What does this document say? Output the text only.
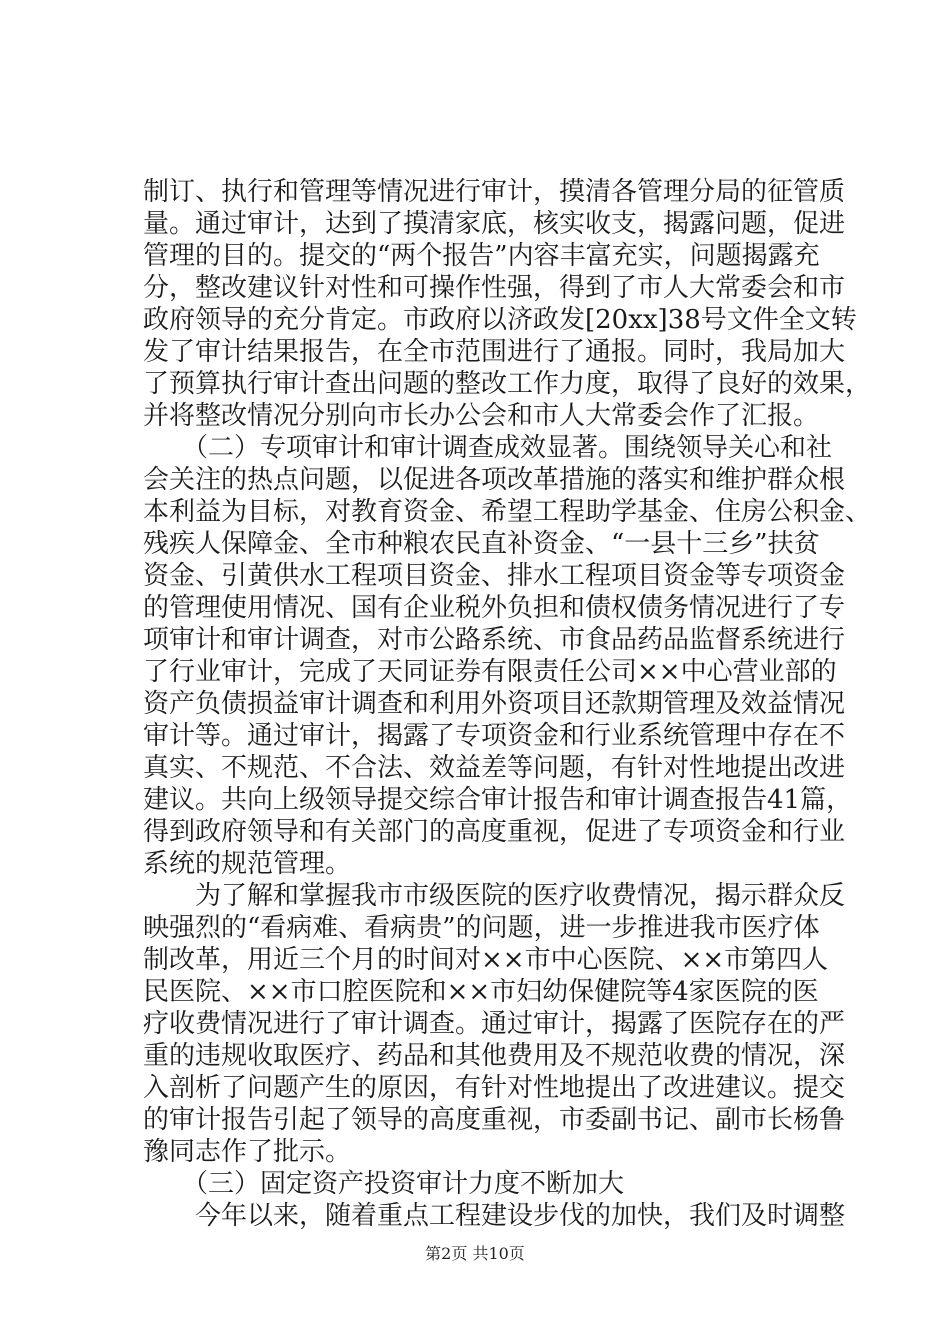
制订、执行和管理等情况进行审计，摸清各管理分局的征管质
量。通过审计，达到了摸清家底，核实收支，揭露问题，促进
管理的目的。提交的“两个报告”内容丰富充实，问题揭露充
分，整改建议针对性和可操作性强，得到了市人大常委会和市
政府领导的充分肯定。市政府以济政发[20xx]38号文件全文转
发了审计结果报告，在全市范围进行了通报。同时，我局加大
了预算执行审计查出问题的整改工作力度，取得了良好的效果，
并将整改情况分别向市长办公会和市人大常委会作了汇报。
　　（二）专项审计和审计调查成效显著。围绕领导关心和社
会关注的热点问题，以促进各项改革措施的落实和维护群众根
本利益为目标，对教育资金、希望工程助学基金、住房公积金、
残疾人保障金、全市种粮农民直补资金、“一县十三乡”扶贫
资金、引黄供水工程项目资金、排水工程项目资金等专项资金
的管理使用情况、国有企业税外负担和债权债务情况进行了专
项审计和审计调查，对市公路系统、市食品药品监督系统进行
了行业审计，完成了天同证券有限责任公司××中心营业部的
资产负债损益审计调查和利用外资项目还款期管理及效益情况
审计等。通过审计，揭露了专项资金和行业系统管理中存在不
真实、不规范、不合法、效益差等问题，有针对性地提出改进
建议。共向上级领导提交综合审计报告和审计调查报告41篇，
得到政府领导和有关部门的高度重视，促进了专项资金和行业
系统的规范管理。
　　为了解和掌握我市市级医院的医疗收费情况，揭示群众反
映强烈的“看病难、看病贵”的问题，进一步推进我市医疗体
制改革，用近三个月的时间对××市中心医院、××市第四人
民医院、××市口腔医院和××市妇幼保健院等4家医院的医
疗收费情况进行了审计调查。通过审计，揭露了医院存在的严
重的违规收取医疗、药品和其他费用及不规范收费的情况，深
入剖析了问题产生的原因，有针对性地提出了改进建议。提交
的审计报告引起了领导的高度重视，市委副书记、副市长杨鲁
豫同志作了批示。
　　（三）固定资产投资审计力度不断加大
　　今年以来，随着重点工程建设步伐的加快，我们及时调整
第2页 共10页
